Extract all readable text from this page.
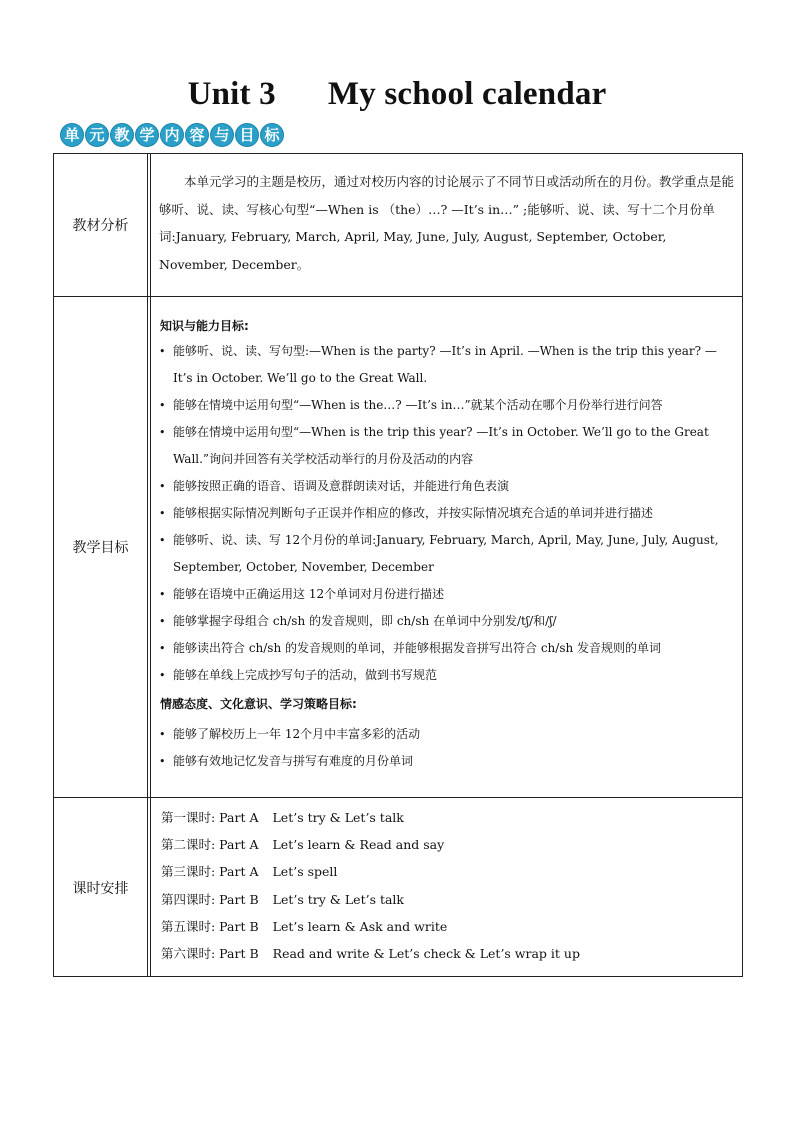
Unit 3 My school calendar
单 元 教 学 内 容 与 目 标
教材分析
本单元学习的主题是校历，通过对校历内容的讨论展示了不同节日或活动所在的月份。教学重点是能够听、说、读、写核心句型“—When is （the）…? —It’s in…” ;能够听、说、读、写十二个月份单词:January, February, March, April, May, June, July, August, September, October, November, December。
教学目标
知识与能力目标:
• 能够听、说、读、写句型:—When is the party? —It’s in April. —When is the trip this year? —It’s in October. We’ll go to the Great Wall.
• 能够在情境中运用句型“—When is the…? —It’s in…”就某个活动在哪个月份举行进行问答
• 能够在情境中运用句型“—When is the trip this year? —It’s in October. We’ll go to the Great Wall.”询问并回答有关学校活动举行的月份及活动的内容
• 能够按照正确的语音、语调及意群朗读对话，并能进行角色表演
• 能够根据实际情况判断句子正误并作相应的修改，并按实际情况填充合适的单词并进行描述
• 能够听、说、读、写 12个月份的单词:January, February, March, April, May, June, July, August, September, October, November, December
• 能够在语境中正确运用这 12个单词对月份进行描述
• 能够掌握字母组合 ch/sh 的发音规则，即 ch/sh 在单词中分别发/tʃ/和/ʃ/
• 能够读出符合 ch/sh 的发音规则的单词，并能够根据发音拼写出符合 ch/sh 发音规则的单词
• 能够在单线上完成抄写句子的活动，做到书写规范
情感态度、文化意识、学习策略目标:
• 能够了解校历上一年 12个月中丰富多彩的活动
• 能够有效地记忆发音与拼写有难度的月份单词
课时安排
第一课时: Part A Let’s try & Let’s talk
第二课时: Part A Let’s learn & Read and say
第三课时: Part A Let’s spell
第四课时: Part B Let’s try & Let’s talk
第五课时: Part B Let’s learn & Ask and write
第六课时: Part B Read and write & Let’s check & Let’s wrap it up
